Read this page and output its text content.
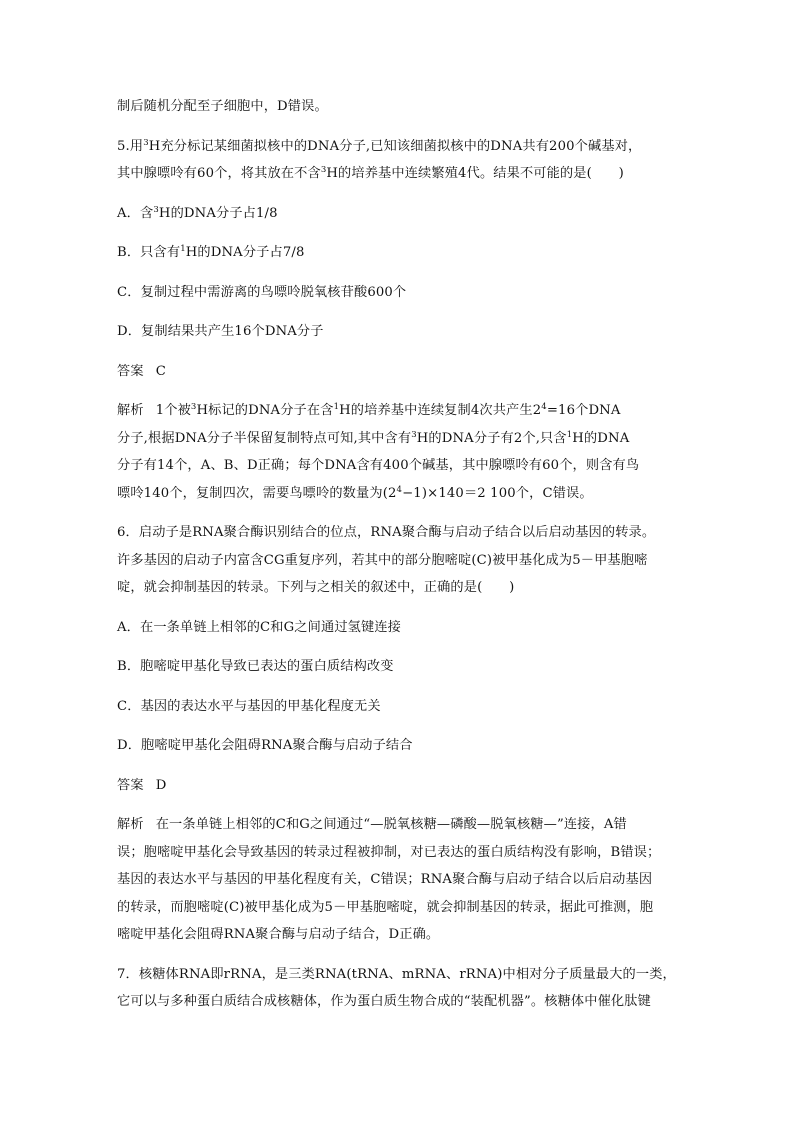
制后随机分配至子细胞中，D错误。

5.用$^3$H充分标记某细菌拟核中的DNA分子,已知该细菌拟核中的DNA共有200个碱基对，
其中腺嘌呤有60个，将其放在不含$^3$H的培养基中连续繁殖4代。结果不可能的是(　　)

A．含$^3$H的DNA分子占1/8

B．只含有$^1$H的DNA分子占7/8

C．复制过程中需游离的鸟嘌呤脱氧核苷酸600个

D．复制结果共产生16个DNA分子

答案 C

解析 1个被$^3$H标记的DNA分子在含$^1$H的培养基中连续复制4次共产生$2^4=16$个DNA
分子,根据DNA分子半保留复制特点可知,其中含有$^3$H的DNA分子有2个,只含$^1$H的DNA
分子有14个，A、B、D正确；每个DNA含有400个碱基，其中腺嘌呤有60个，则含有鸟
嘌呤140个，复制四次，需要鸟嘌呤的数量为$(2^4-1)\times 140=2$ 100个，C错误。

6．启动子是RNA聚合酶识别结合的位点，RNA聚合酶与启动子结合以后启动基因的转录。
许多基因的启动子内富含CG重复序列，若其中的部分胞嘧啶(C)被甲基化成为5－甲基胞嘧
啶，就会抑制基因的转录。下列与之相关的叙述中，正确的是(　　)

A．在一条单链上相邻的C和G之间通过氢键连接

B．胞嘧啶甲基化导致已表达的蛋白质结构改变

C．基因的表达水平与基因的甲基化程度无关

D．胞嘧啶甲基化会阻碍RNA聚合酶与启动子结合

答案 D

解析 在一条单链上相邻的C和G之间通过“—脱氧核糖—磷酸—脱氧核糖—”连接，A错
误；胞嘧啶甲基化会导致基因的转录过程被抑制，对已表达的蛋白质结构没有影响，B错误；
基因的表达水平与基因的甲基化程度有关，C错误；RNA聚合酶与启动子结合以后启动基因
的转录，而胞嘧啶(C)被甲基化成为5－甲基胞嘧啶，就会抑制基因的转录，据此可推测，胞
嘧啶甲基化会阻碍RNA聚合酶与启动子结合，D正确。

7．核糖体RNA即rRNA，是三类RNA(tRNA、mRNA、rRNA)中相对分子质量最大的一类，
它可以与多种蛋白质结合成核糖体，作为蛋白质生物合成的“装配机器”。核糖体中催化肽键
